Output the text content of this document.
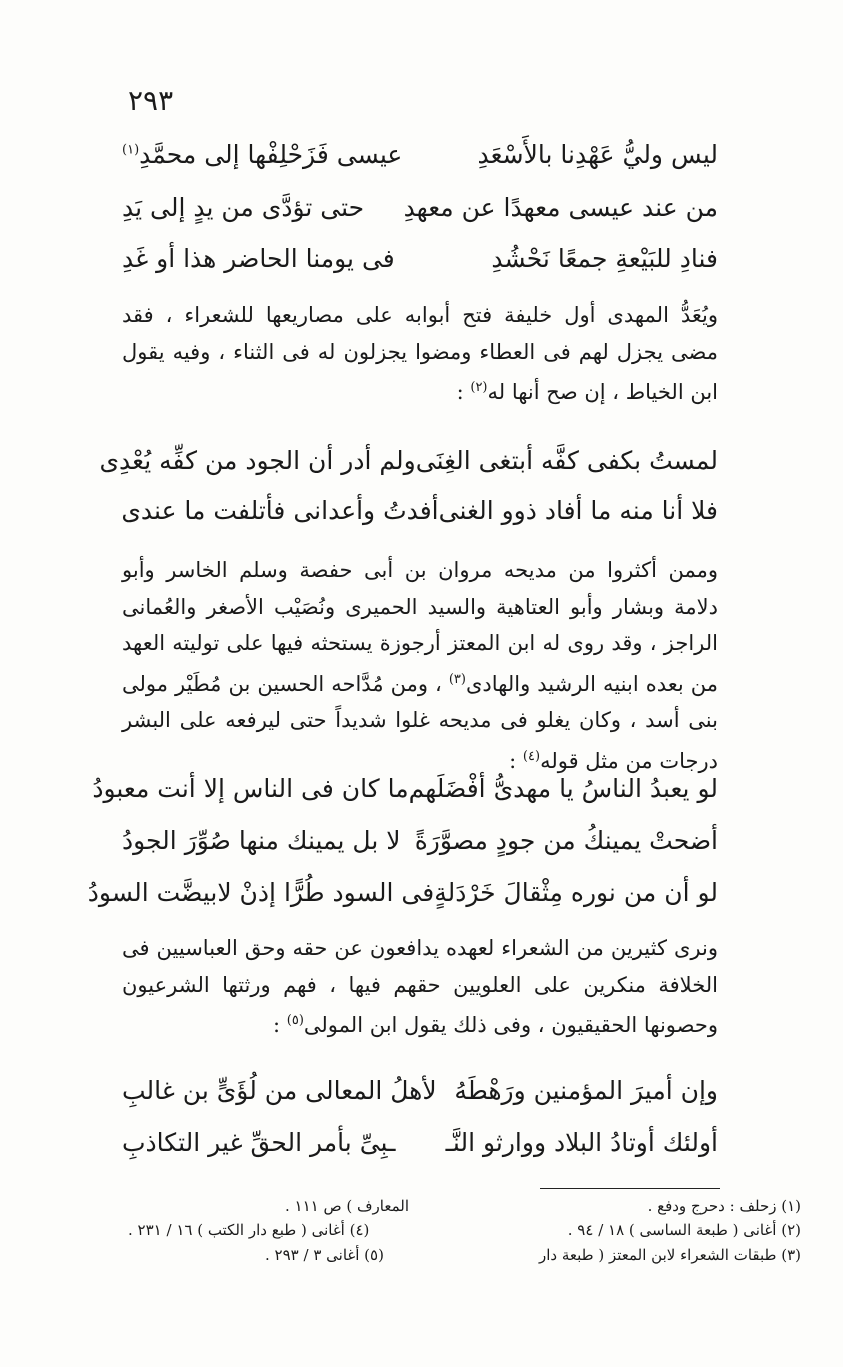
٢٩٣
ليس وليُّ عَهْدِنا بالأَسْعَدِ
عيسى فَزَحْلِفْها إلى محمَّدِ$^{(١)}$
من عند عيسى معهدًا عن معهدِ
حتى تؤدَّى من يدٍ إلى يَدِ
فنادِ للبَيْعةِ جمعًا نَحْشُدِ
فى يومنا الحاضر هذا أو غَدِ
ويُعَدُّ المهدى أول خليفة فتح أبوابه على مصاريعها للشعراء ، فقد مضى يجزل لهم فى العطاء ومضوا يجزلون له فى الثناء ، وفيه يقول ابن الخياط ، إن صح أنها له$^{(٢)}$ :
لمستُ بكفى كفَّه أبتغى الغِنَى
ولم أدر أن الجود من كفِّه يُعْدِى
فلا أنا منه ما أفاد ذوو الغنى
أفدتُ وأعدانى فأتلفت ما عندى
وممن أكثروا من مديحه مروان بن أبى حفصة وسلم الخاسر وأبو دلامة وبشار وأبو العتاهية والسيد الحميرى ونُصَيْب الأصغر والعُمانى الراجز ، وقد روى له ابن المعتز أرجوزة يستحثه فيها على توليته العهد من بعده ابنيه الرشيد والهادى$^{(٣)}$ ، ومن مُدَّاحه الحسين بن مُطَيْر مولى بنى أسد ، وكان يغلو فى مديحه غلوا شديداً حتى ليرفعه على البشر درجات من مثل قوله$^{(٤)}$ :
لو يعبدُ الناسُ يا مهدىُّ أفْضَلَهم
ما كان فى الناس إلا أنت معبودُ
أضحتْ يمينكُ من جودٍ مصوَّرَةً
لا بل يمينك منها صُوِّرَ الجودُ
لو أن من نوره مِثْقالَ خَرْدَلةٍ
فى السود طُرًّا إذنْ لابيضَّت السودُ
ونرى كثيرين من الشعراء لعهده يدافعون عن حقه وحق العباسيين فى الخلافة منكرين على العلويين حقهم فيها ، فهم ورثتها الشرعيون وحصونها الحقيقيون ، وفى ذلك يقول ابن المولى$^{(٥)}$ :
وإن أميرَ المؤمنين ورَهْطَهُ
لأهلُ المعالى من لُؤَىٍّ بن غالبِ
أولئك أوتادُ البلاد ووارثو النَّـ
ـبِىِّ بأمر الحقِّ غير التكاذبِ
(١) زحلف : دحرج ودفع .
(٢) أغانى ( طبعة الساسى ) ١٨ / ٩٤ .
(٣) طبقات الشعراء لابن المعتز ( طبعة دار
المعارف ) ص ١١١ .
(٤) أغانى ( طبع دار الكتب ) ١٦ / ٢٣١ .
(٥) أغانى ٣ / ٢٩٣ .
